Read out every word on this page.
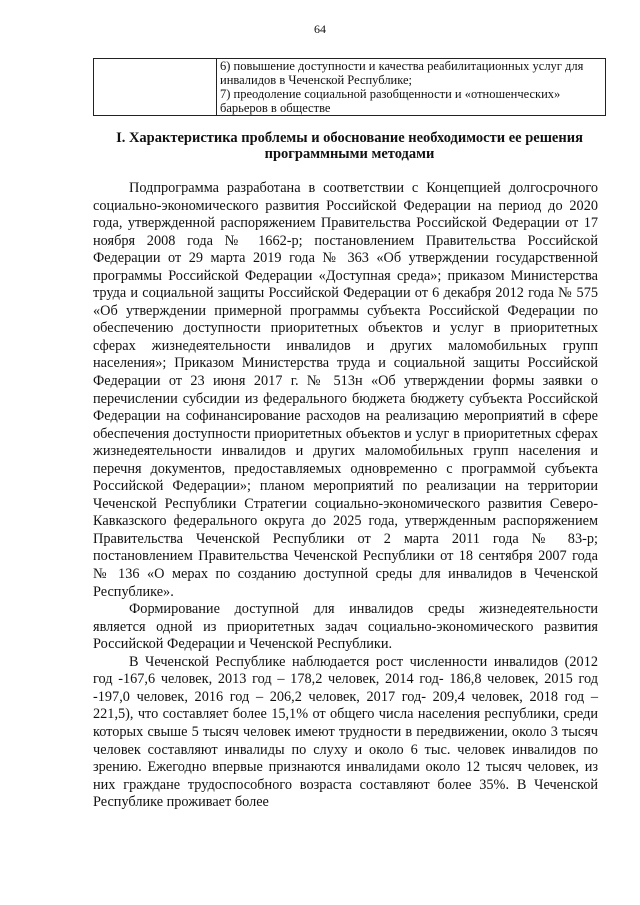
64

6) повышение доступности и качества реабилитационных услуг для инвалидов в Чеченской Республике;
7) преодоление социальной разобщенности и «отношенческих» барьеров в обществе
I. Характеристика проблемы и обоснование необходимости ее решения программными методами

Подпрограмма разработана в соответствии с Концепцией долгосрочного социально-экономического развития Российской Федерации на период до 2020 года, утвержденной распоряжением Правительства Российской Федерации от 17 ноября 2008 года № 1662-р; постановлением Правительства Российской Федерации от 29 марта 2019 года № 363 «Об утверждении государственной программы Российской Федерации «Доступная среда»; приказом Министерства труда и социальной защиты Российской Федерации от 6 декабря 2012 года № 575 «Об утверждении примерной программы субъекта Российской Федерации по обеспечению доступности приоритетных объектов и услуг в приоритетных сферах жизнедеятельности инвалидов и других маломобильных групп населения»; Приказом Министерства труда и социальной защиты Российской Федерации от 23 июня 2017 г. № 513н «Об утверждении формы заявки о перечислении субсидии из федерального бюджета бюджету субъекта Российской Федерации на софинансирование расходов на реализацию мероприятий в сфере обеспечения доступности приоритетных объектов и услуг в приоритетных сферах жизнедеятельности инвалидов и других маломобильных групп населения и перечня документов, предоставляемых одновременно с программой субъекта Российской Федерации»; планом мероприятий по реализации на территории Чеченской Республики Стратегии социально-экономического развития Северо-Кавказского федерального округа до 2025 года, утвержденным распоряжением Правительства Чеченской Республики от 2 марта 2011 года № 83-р; постановлением Правительства Чеченской Республики от 18 сентября 2007 года № 136 «О мерах по созданию доступной среды для инвалидов в Чеченской Республике».

Формирование доступной для инвалидов среды жизнедеятельности является одной из приоритетных задач социально-экономического развития Российской Федерации и Чеченской Республики.

В Чеченской Республике наблюдается рост численности инвалидов (2012 год -167,6 человек, 2013 год – 178,2 человек, 2014 год- 186,8 человек, 2015 год -197,0 человек, 2016 год – 206,2 человек, 2017 год- 209,4 человек, 2018 год – 221,5), что составляет более 15,1% от общего числа населения республики, среди которых свыше 5 тысяч человек имеют трудности в передвижении, около 3 тысяч человек составляют инвалиды по слуху и около 6 тыс. человек инвалидов по зрению. Ежегодно впервые признаются инвалидами около 12 тысяч человек, из них граждане трудоспособного возраста составляют более 35%. В Чеченской Республике проживает более
